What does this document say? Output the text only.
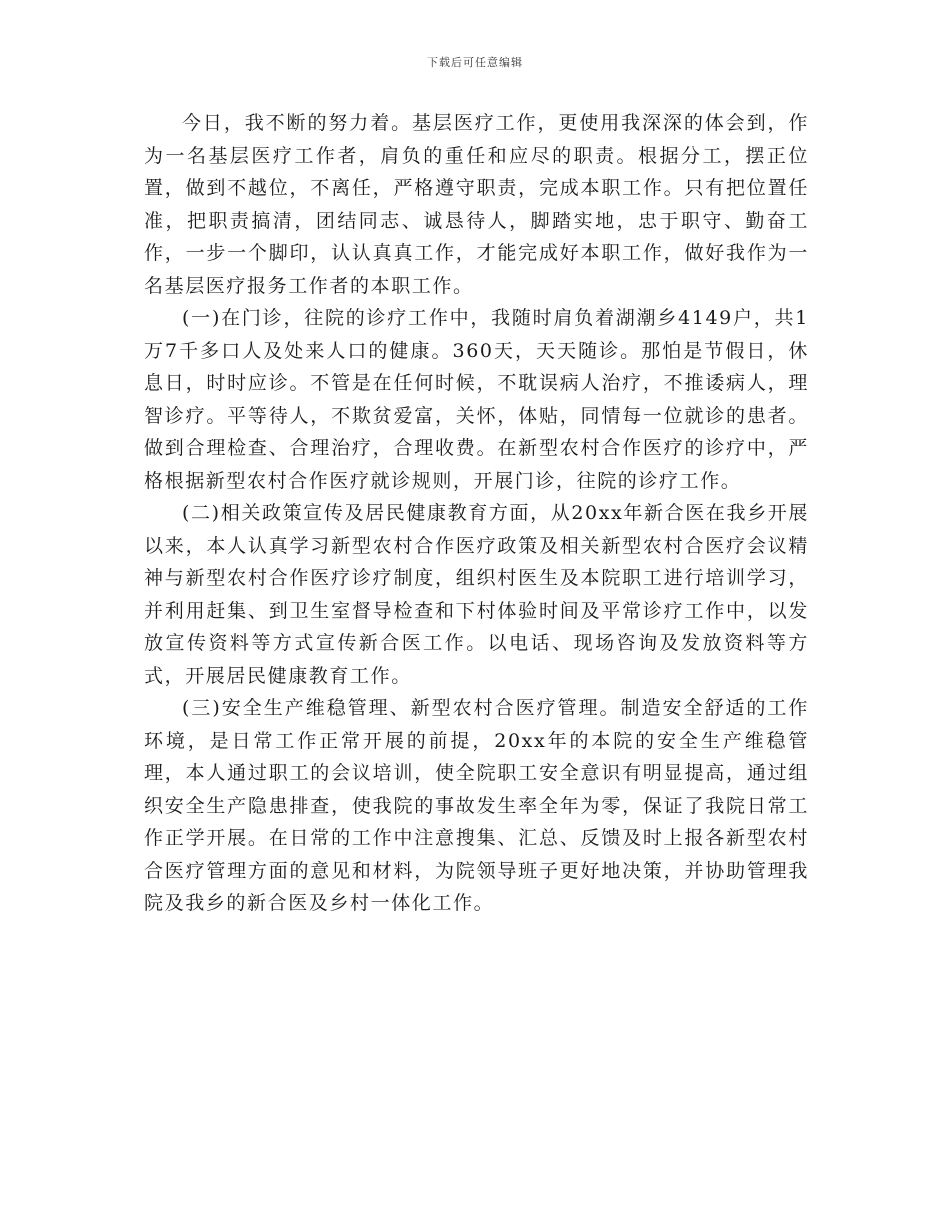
下载后可任意编辑

今日，我不断的努力着。基层医疗工作，更使用我深深的体会到，作为一名基层医疗工作者，肩负的重任和应尽的职责。根据分工，摆正位置，做到不越位，不离任，严格遵守职责，完成本职工作。只有把位置任准，把职责搞清，团结同志、诚恳待人，脚踏实地，忠于职守、勤奋工作，一步一个脚印，认认真真工作，才能完成好本职工作，做好我作为一名基层医疗报务工作者的本职工作。

(一)在门诊，往院的诊疗工作中，我随时肩负着湖潮乡4149户，共1万7千多口人及处来人口的健康。360天，天天随诊。那怕是节假日，休息日，时时应诊。不管是在任何时候，不耽误病人治疗，不推诿病人，理智诊疗。平等待人，不欺贫爱富，关怀，体贴，同情每一位就诊的患者。做到合理检查、合理治疗，合理收费。在新型农村合作医疗的诊疗中，严格根据新型农村合作医疗就诊规则，开展门诊，往院的诊疗工作。

(二)相关政策宣传及居民健康教育方面，从20xx年新合医在我乡开展以来，本人认真学习新型农村合作医疗政策及相关新型农村合医疗会议精神与新型农村合作医疗诊疗制度，组织村医生及本院职工进行培训学习，并利用赶集、到卫生室督导检查和下村体验时间及平常诊疗工作中，以发放宣传资料等方式宣传新合医工作。以电话、现场咨询及发放资料等方式，开展居民健康教育工作。

(三)安全生产维稳管理、新型农村合医疗管理。制造安全舒适的工作环境，是日常工作正常开展的前提，20xx年的本院的安全生产维稳管理，本人通过职工的会议培训，使全院职工安全意识有明显提高，通过组织安全生产隐患排查，使我院的事故发生率全年为零，保证了我院日常工作正学开展。在日常的工作中注意搜集、汇总、反馈及时上报各新型农村合医疗管理方面的意见和材料，为院领导班子更好地决策，并协助管理我院及我乡的新合医及乡村一体化工作。
